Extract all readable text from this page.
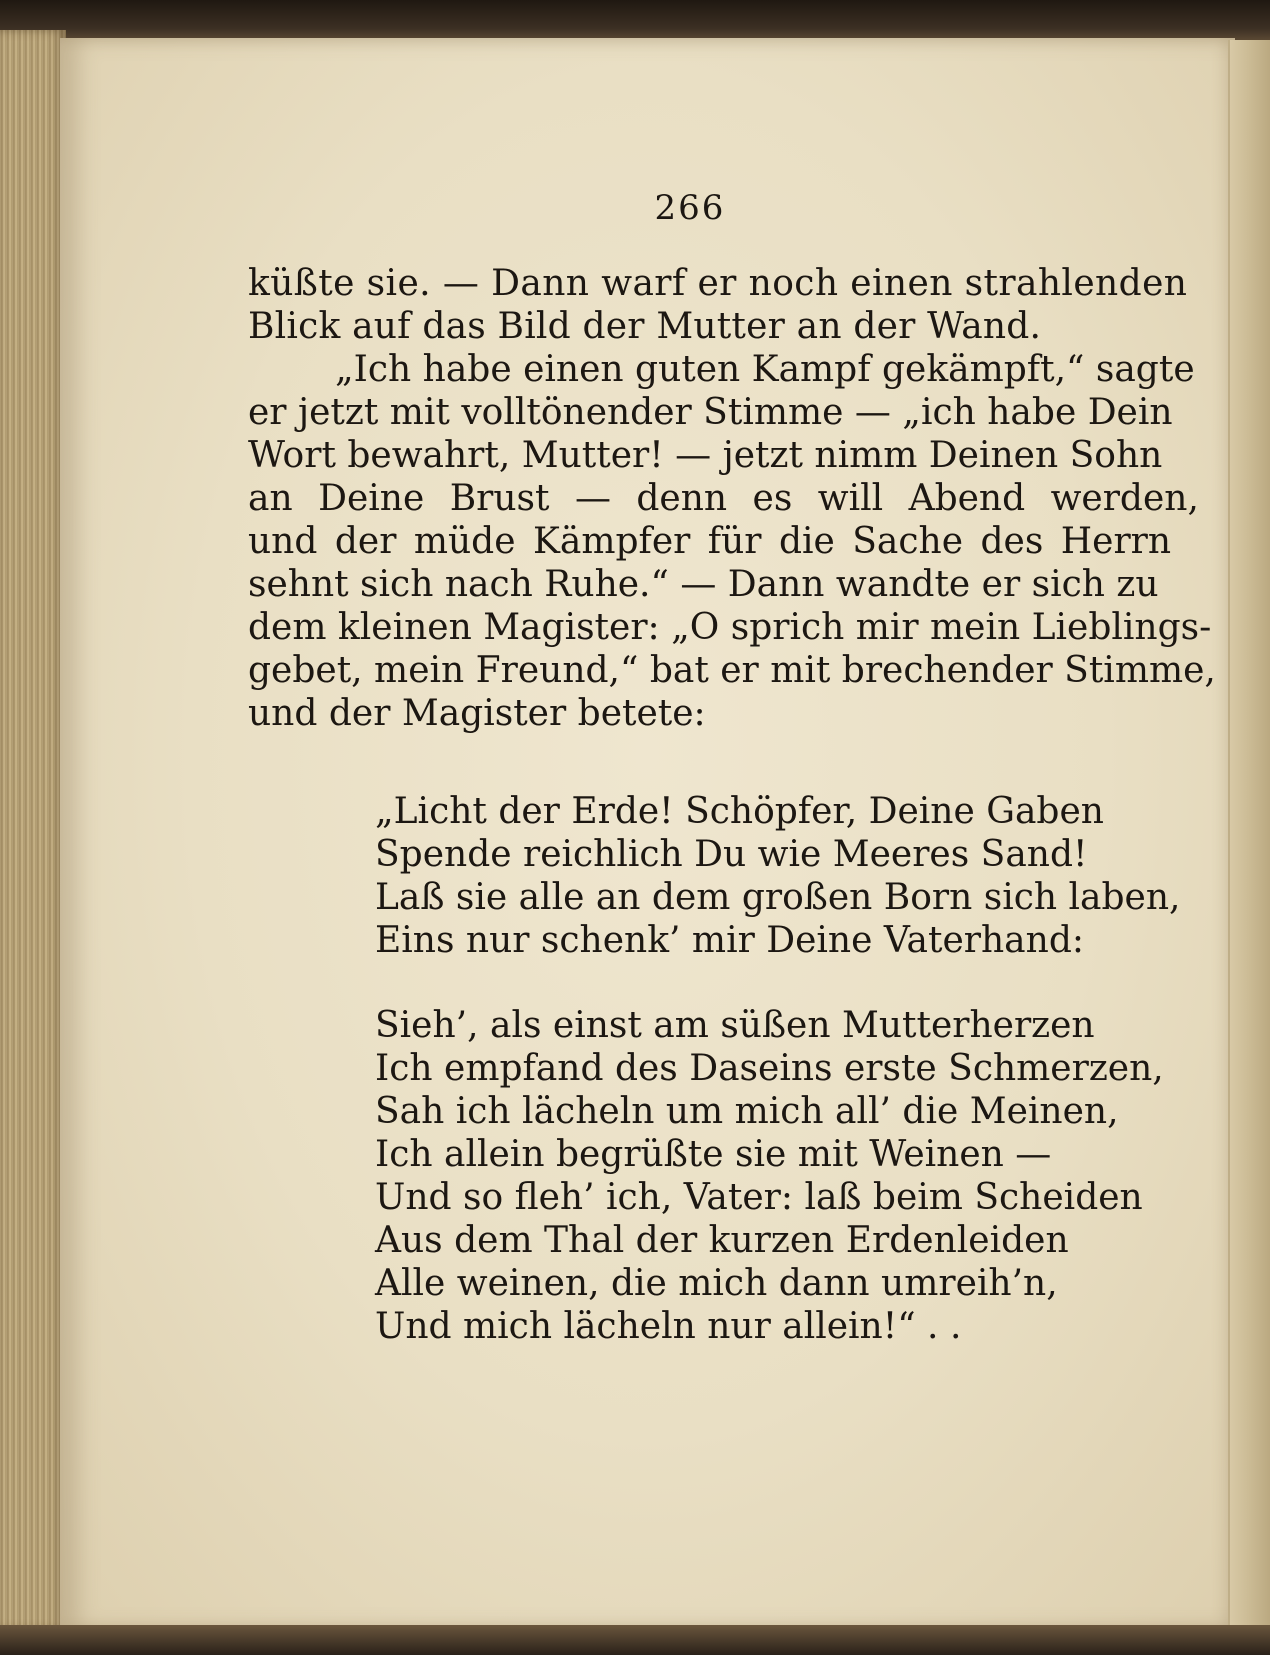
266
küßte sie. — Dann warf er noch einen strahlenden
Blick auf das Bild der Mutter an der Wand.
„Ich habe einen guten Kampf gekämpft,“ sagte
er jetzt mit volltönender Stimme — „ich habe Dein
Wort bewahrt, Mutter! — jetzt nimm Deinen Sohn
an Deine Brust — denn es will Abend werden,
und der müde Kämpfer für die Sache des Herrn
sehnt sich nach Ruhe.“ — Dann wandte er sich zu
dem kleinen Magister: „O sprich mir mein Lieblings-
gebet, mein Freund,“ bat er mit brechender Stimme,
und der Magister betete:
„Licht der Erde! Schöpfer, Deine Gaben
Spende reichlich Du wie Meeres Sand!
Laß sie alle an dem großen Born sich laben,
Eins nur schenk’ mir Deine Vaterhand:
Sieh’, als einst am süßen Mutterherzen
Ich empfand des Daseins erste Schmerzen,
Sah ich lächeln um mich all’ die Meinen,
Ich allein begrüßte sie mit Weinen —
Und so fleh’ ich, Vater: laß beim Scheiden
Aus dem Thal der kurzen Erdenleiden
Alle weinen, die mich dann umreih’n,
Und mich lächeln nur allein!“ . .
